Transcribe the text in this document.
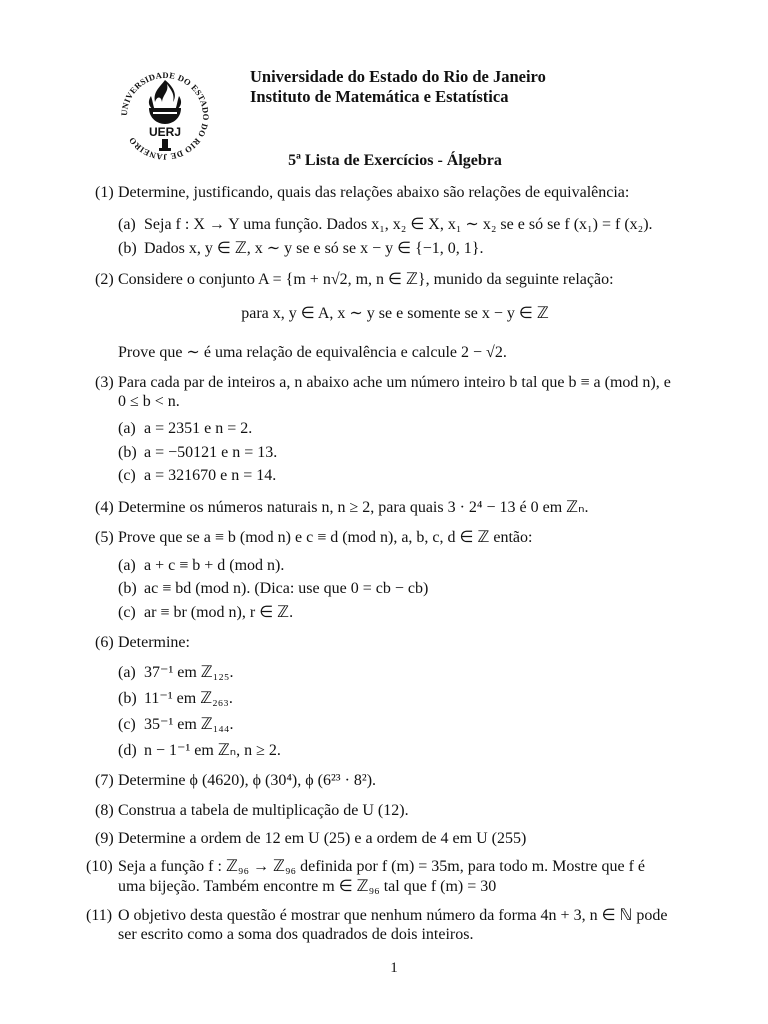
UNIVERSIDADE DO ESTADO DO RIO DE JANEIRO
UERJ
Universidade do Estado do Rio de Janeiro
Instituto de Matemática e Estatística
5ª Lista de Exercícios - Álgebra
(1) Determine, justificando, quais das relações abaixo são relações de equivalência:
(a) Seja f : X → Y uma função. Dados x₁, x₂ ∈ X, x₁ ∼ x₂ se e só se f (x₁) = f (x₂).
(b) Dados x, y ∈ ℤ, x ∼ y se e só se x − y ∈ {−1, 0, 1}.
(2) Considere o conjunto A = {m + n√2, m, n ∈ ℤ}, munido da seguinte relação:
para x, y ∈ A, x ∼ y se e somente se x − y ∈ ℤ
Prove que ∼ é uma relação de equivalência e calcule 2 − √2.
(3) Para cada par de inteiros a, n abaixo ache um número inteiro b tal que b ≡ a (mod n), e
0 ≤ b < n.
(a) a = 2351 e n = 2.
(b) a = −50121 e n = 13.
(c) a = 321670 e n = 14.
(4) Determine os números naturais n, n ≥ 2, para quais 3 · 2⁴ − 13 é 0 em ℤₙ.
(5) Prove que se a ≡ b (mod n) e c ≡ d (mod n), a, b, c, d ∈ ℤ então:
(a) a + c ≡ b + d (mod n).
(b) ac ≡ bd (mod n). (Dica: use que 0 = cb − cb)
(c) ar ≡ br (mod n), r ∈ ℤ.
(6) Determine:
(a) 37⁻¹ em ℤ₁₂₅.
(b) 11⁻¹ em ℤ₂₆₃.
(c) 35⁻¹ em ℤ₁₄₄.
(d) n − 1⁻¹ em ℤₙ, n ≥ 2.
(7) Determine ϕ (4620), ϕ (30⁴), ϕ (6²³ · 8²).
(8) Construa a tabela de multiplicação de U (12).
(9) Determine a ordem de 12 em U (25) e a ordem de 4 em U (255)
(10) Seja a função f : ℤ₉₆ → ℤ₉₆ definida por f (m) = 35m, para todo m. Mostre que f é
uma bijeção. Também encontre m ∈ ℤ₉₆ tal que f (m) = 30
(11) O objetivo desta questão é mostrar que nenhum número da forma 4n + 3, n ∈ ℕ pode
ser escrito como a soma dos quadrados de dois inteiros.
1
